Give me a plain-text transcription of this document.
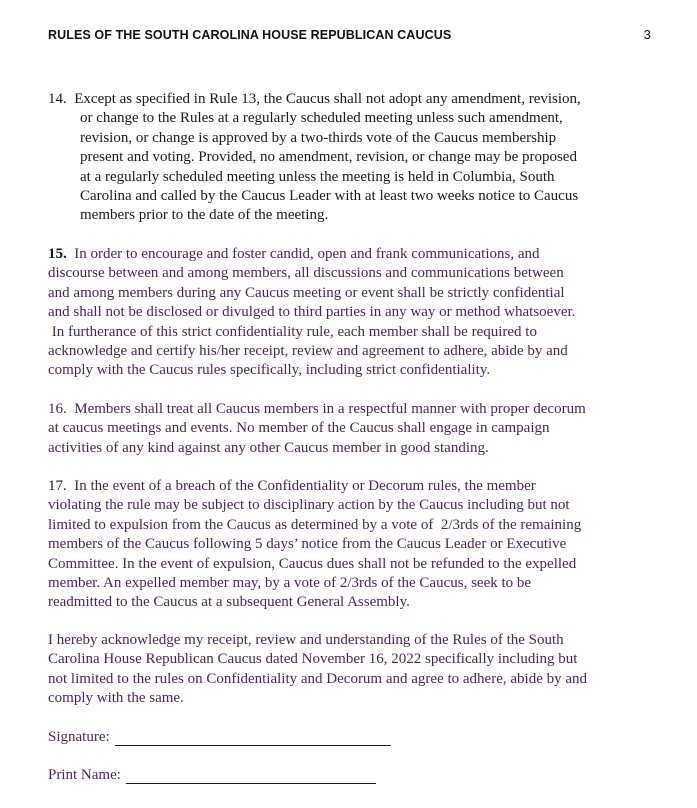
RULES OF THE SOUTH CAROLINA HOUSE REPUBLICAN CAUCUS	3
14. Except as specified in Rule 13, the Caucus shall not adopt any amendment, revision,
or change to the Rules at a regularly scheduled meeting unless such amendment,
revision, or change is approved by a two-thirds vote of the Caucus membership
present and voting. Provided, no amendment, revision, or change may be proposed
at a regularly scheduled meeting unless the meeting is held in Columbia, South
Carolina and called by the Caucus Leader with at least two weeks notice to Caucus
members prior to the date of the meeting.
15. In order to encourage and foster candid, open and frank communications, and
discourse between and among members, all discussions and communications between
and among members during any Caucus meeting or event shall be strictly confidential
and shall not be disclosed or divulged to third parties in any way or method whatsoever.
In furtherance of this strict confidentiality rule, each member shall be required to
acknowledge and certify his/her receipt, review and agreement to adhere, abide by and
comply with the Caucus rules specifically, including strict confidentiality.
16. Members shall treat all Caucus members in a respectful manner with proper decorum
at caucus meetings and events. No member of the Caucus shall engage in campaign
activities of any kind against any other Caucus member in good standing.
17. In the event of a breach of the Confidentiality or Decorum rules, the member
violating the rule may be subject to disciplinary action by the Caucus including but not
limited to expulsion from the Caucus as determined by a vote of  2/3rds of the remaining
members of the Caucus following 5 days’ notice from the Caucus Leader or Executive
Committee. In the event of expulsion, Caucus dues shall not be refunded to the expelled
member. An expelled member may, by a vote of 2/3rds of the Caucus, seek to be
readmitted to the Caucus at a subsequent General Assembly.
I hereby acknowledge my receipt, review and understanding of the Rules of the South
Carolina House Republican Caucus dated November 16, 2022 specifically including but
not limited to the rules on Confidentiality and Decorum and agree to adhere, abide by and
comply with the same.
Signature:
Print Name:
